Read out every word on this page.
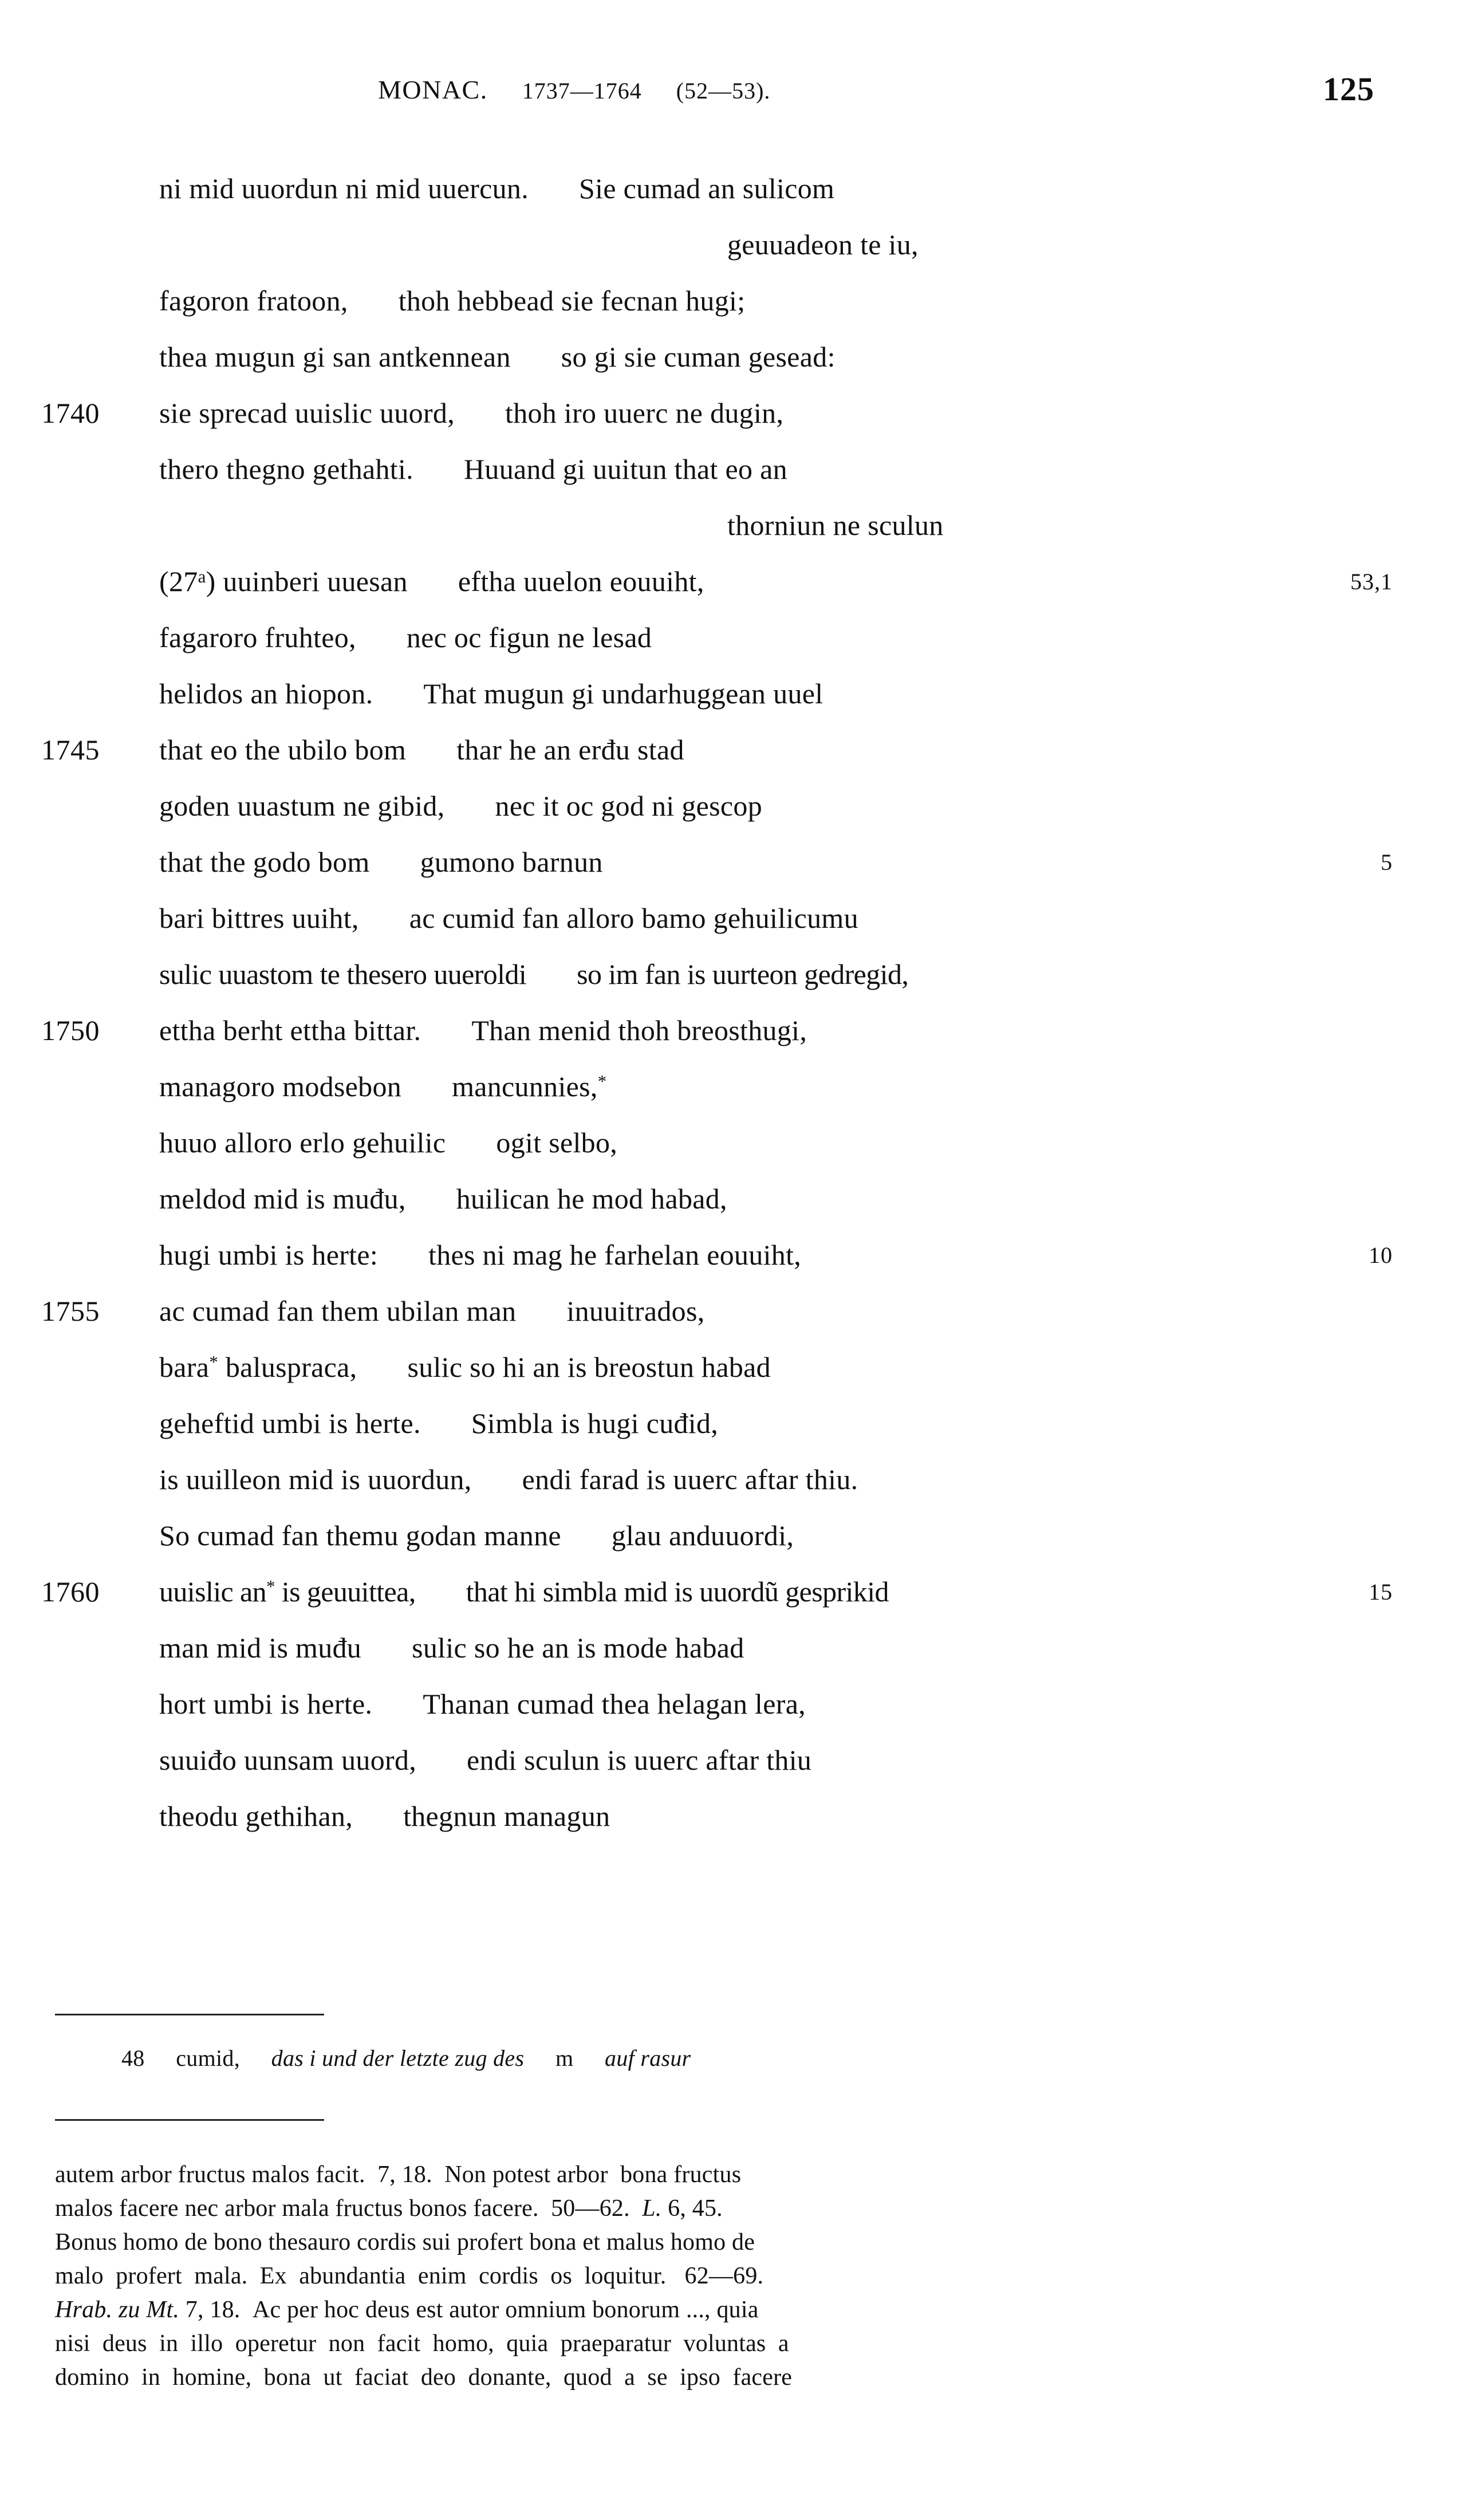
MONAC. 1737—1764 (52—53).	125
ni mid uuordun ni mid uuercun. Sie cumad an sulicom
geuuadeon te iu,
fagoron fratoon, thoh hebbead sie fecnan hugi;
thea mugun gi san antkennean so gi sie cuman gesead:
1740 sie sprecad uuislic uuord, thoh iro uuerc ne dugin,
thero thegno gethahti. Huuand gi uuitun that eo an
thorniun ne sculun
(27$^a$) uuinberi uuesan eftha uuelon eouuiht,	53,1
fagaroro fruhteo, nec oc figun ne lesad
helidos an hiopon. That mugun gi undarhuggean uuel
1745 that eo the ubilo bom thar he an erđu stad
goden uuastum ne gibid, nec it oc god ni gescop
that the godo bom gumono barnun	5
bari bittres uuiht, ac cumid fan alloro bamo gehuilicumu
sulic uuastom te thesero uueroldi so im fan is uurteon gedregid,
1750 ettha berht ettha bittar. Than menid thoh breosthugi,
managoro modsebon mancunnies,*
huuo alloro erlo gehuilic ogit selbo,
meldod mid is muđu, huilican he mod habad,
hugi umbi is herte: thes ni mag he farhelan eouuiht,	10
1755 ac cumad fan them ubilan man inuuitrados,
bara* baluspraca, sulic so hi an is breostun habad
geheftid umbi is herte. Simbla is hugi cuđid,
is uuilleon mid is uuordun, endi farad is uuerc aftar thiu.
So cumad fan themu godan manne glau anduuordi,
1760 uuislic an* is geuuittea, that hi simbla mid is uuordũ gesprikid	15
man mid is muđu sulic so he an is mode habad
hort umbi is herte. Thanan cumad thea helagan lera,
suuiđo uunsam uuord, endi sculun is uuerc aftar thiu
theodu gethihan, thegnun managun
48 cumid, das i und der letzte zug des m auf rasur
autem arbor fructus malos facit.  7, 18.  Non potest arbor  bona fructus
malos facere nec arbor mala fructus bonos facere.  50—62.  L. 6, 45.
Bonus homo de bono thesauro cordis sui profert bona et malus homo de
malo  profert  mala.  Ex  abundantia  enim  cordis  os  loquitur.   62—69.
Hrab. zu Mt. 7, 18.  Ac per hoc deus est autor omnium bonorum ..., quia
nisi  deus  in  illo  operetur  non  facit  homo,  quia  praeparatur  voluntas  a
domino  in  homine,  bona  ut  faciat  deo  donante,  quod  a  se  ipso  facere
